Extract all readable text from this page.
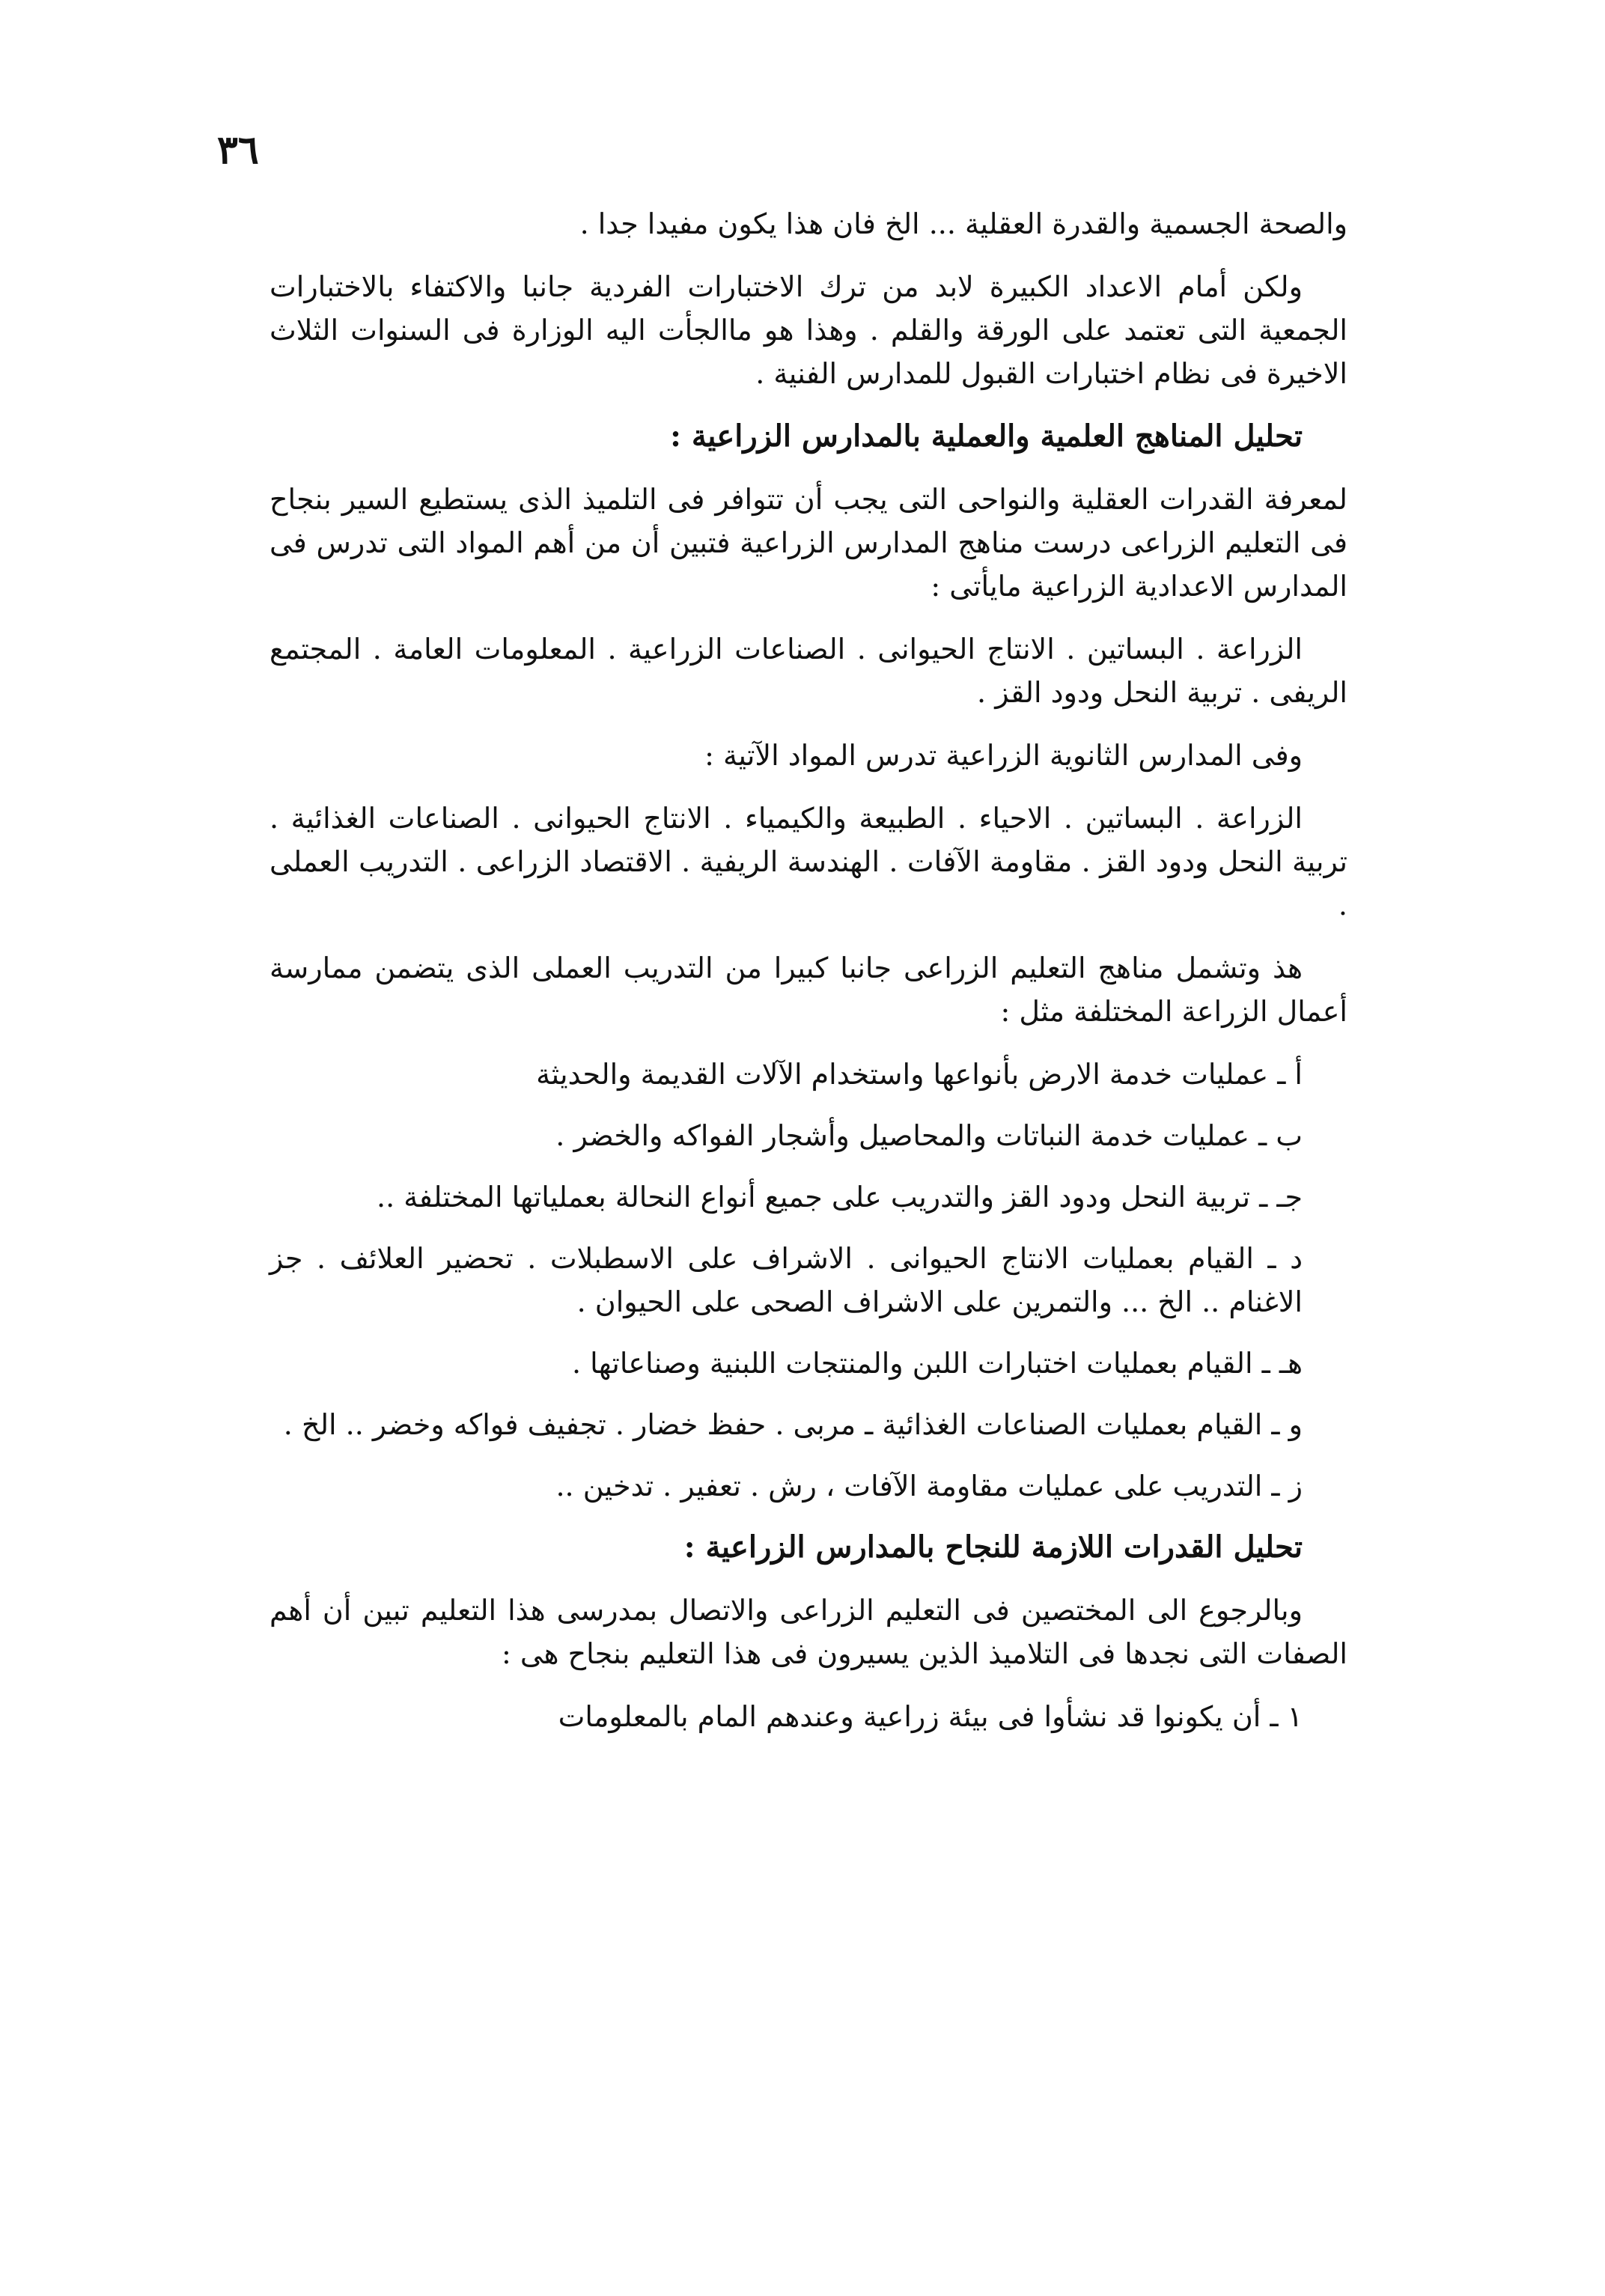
٣٦

والصحة الجسمية والقدرة العقلية ... الخ فان هذا يكون مفيدا جدا .

ولكن أمام الاعداد الكبيرة لابد من ترك الاختبارات الفردية جانبا والاكتفاء بالاختبارات الجمعية التى تعتمد على الورقة والقلم . وهذا هو ماالجأت اليه الوزارة فى السنوات الثلاث الاخيرة فى نظام اختبارات القبول للمدارس الفنية .

تحليل المناهج العلمية والعملية بالمدارس الزراعية :

لمعرفة القدرات العقلية والنواحى التى يجب أن تتوافر فى التلميذ الذى يستطيع السير بنجاح فى التعليم الزراعى درست مناهج المدارس الزراعية فتبين أن من أهم المواد التى تدرس فى المدارس الاعدادية الزراعية مايأتى :

الزراعة . البساتين . الانتاج الحيوانى . الصناعات الزراعية . المعلومات العامة . المجتمع الريفى . تربية النحل ودود القز .

وفى المدارس الثانوية الزراعية تدرس المواد الآتية :

الزراعة . البساتين . الاحياء . الطبيعة والكيمياء . الانتاج الحيوانى . الصناعات الغذائية . تربية النحل ودود القز . مقاومة الآفات . الهندسة الريفية . الاقتصاد الزراعى . التدريب العملى .

هذ وتشمل مناهج التعليم الزراعى جانبا كبيرا من التدريب العملى الذى يتضمن ممارسة أعمال الزراعة المختلفة مثل :

أ ـ عمليات خدمة الارض بأنواعها واستخدام الآلات القديمة والحديثة

ب ـ عمليات خدمة النباتات والمحاصيل وأشجار الفواكه والخضر .

جـ ـ تربية النحل ودود القز والتدريب على جميع أنواع النحالة بعملياتها المختلفة ..

د ـ القيام بعمليات الانتاج الحيوانى . الاشراف على الاسطبلات . تحضير العلائف . جز الاغنام .. الخ ... والتمرين على الاشراف الصحى على الحيوان .

هـ ـ القيام بعمليات اختبارات اللبن والمنتجات اللبنية وصناعاتها .

و ـ القيام بعمليات الصناعات الغذائية ـ مربى . حفظ خضار . تجفيف فواكه وخضر .. الخ .

ز ـ التدريب على عمليات مقاومة الآفات ، رش . تعفير . تدخين ..

تحليل القدرات اللازمة للنجاح بالمدارس الزراعية :

وبالرجوع الى المختصين فى التعليم الزراعى والاتصال بمدرسى هذا التعليم تبين أن أهم الصفات التى نجدها فى التلاميذ الذين يسيرون فى هذا التعليم بنجاح هى :

١ ـ أن يكونوا قد نشأوا فى بيئة زراعية وعندهم المام بالمعلومات
